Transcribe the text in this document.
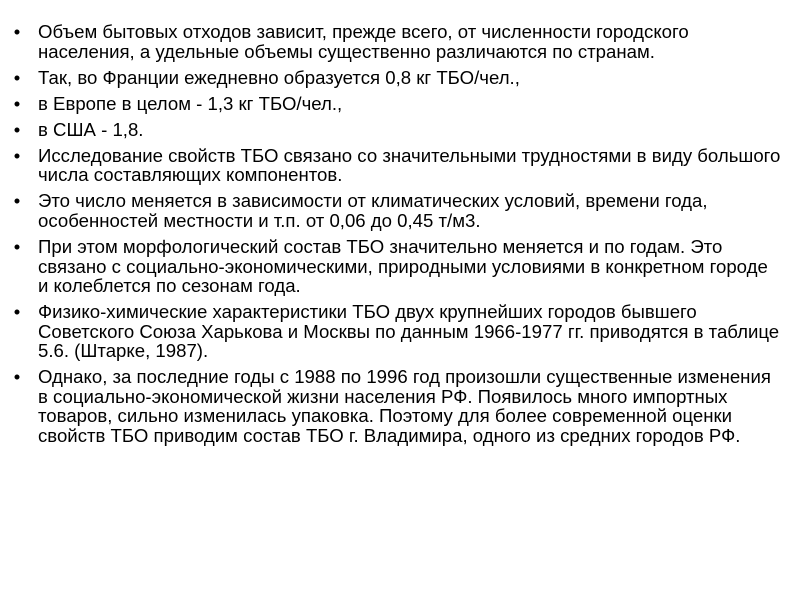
• Объем бытовых отходов зависит, прежде всего, от численности городского населения, а удельные объемы существенно различаются по странам.
• Так, во Франции ежедневно образуется 0,8 кг ТБО/чел.,
• в Европе в целом - 1,3 кг ТБО/чел.,
• в США - 1,8.
• Исследование свойств ТБО связано со значительными трудностями в виду большого числа составляющих компонентов.
• Это число меняется в зависимости от климатических условий, времени года, особенностей местности и т.п. от 0,06 до 0,45 т/м3.
• При этом морфологический состав ТБО значительно меняется и по годам. Это связано с социально-экономическими, природными условиями в конкретном городе и колеблется по сезонам года.
• Физико-химические характеристики ТБО двух крупнейших городов бывшего Советского Союза Харькова и Москвы по данным 1966-1977 гг. приводятся в таблице 5.6. (Штарке, 1987).
• Однако, за последние годы с 1988 по 1996 год произошли существенные изменения в социально-экономической жизни населения РФ. Появилось много импортных товаров, сильно изменилась упаковка. Поэтому для более современной оценки свойств ТБО приводим состав ТБО г. Владимира, одного из средних городов РФ.
